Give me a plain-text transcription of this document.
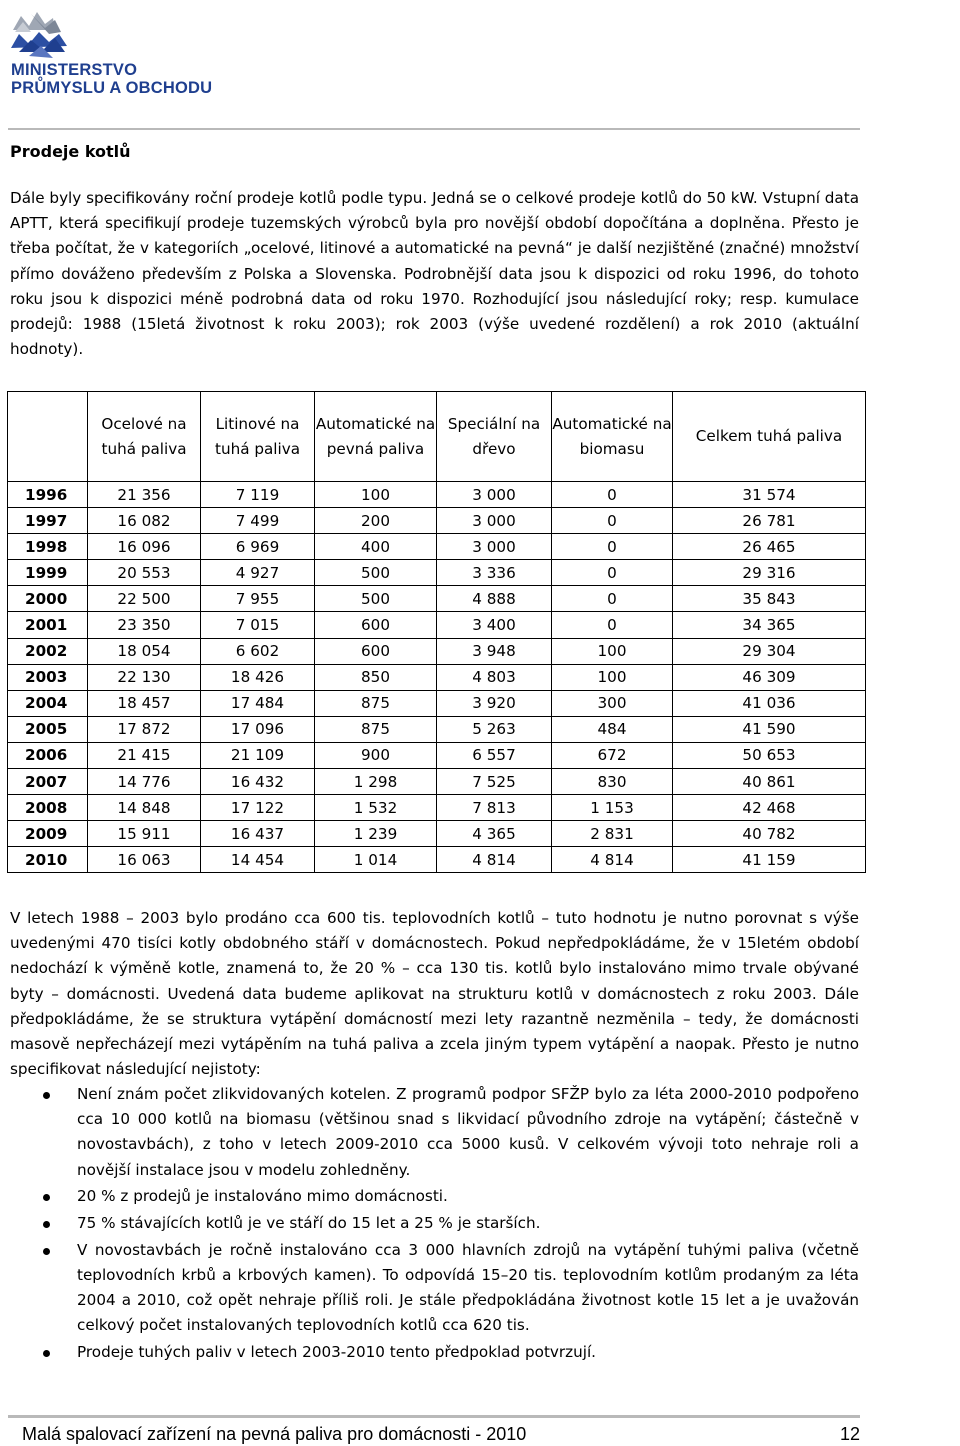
MINISTERSTVO
PRŮMYSLU A OBCHODU
Prodeje kotlů

Dále byly specifikovány roční prodeje kotlů podle typu. Jedná se o celkové prodeje kotlů do 50 kW. Vstupní data APTT, která specifikují prodeje tuzemských výrobců byla pro novější období dopočítána a doplněna. Přesto je třeba počítat, že v kategoriích „ocelové, litinové a automatické na pevná“ je další nezjištěné (značné) množství přímo dováženo především z Polska a Slovenska. Podrobnější data jsou k dispozici od roku 1996, do tohoto roku jsou k dispozici méně podrobná data od roku 1970. Rozhodující jsou následující roky; resp. kumulace prodejů: 1988 (15letá životnost k roku 2003); rok 2003 (výše uvedené rozdělení) a rok 2010 (aktuální hodnoty).

	Ocelové na tuhá paliva	Litinové na tuhá paliva	Automatické na pevná paliva	Speciální na dřevo	Automatické na biomasu	Celkem tuhá paliva
1996	21 356	7 119	100	3 000	0	31 574
1997	16 082	7 499	200	3 000	0	26 781
1998	16 096	6 969	400	3 000	0	26 465
1999	20 553	4 927	500	3 336	0	29 316
2000	22 500	7 955	500	4 888	0	35 843
2001	23 350	7 015	600	3 400	0	34 365
2002	18 054	6 602	600	3 948	100	29 304
2003	22 130	18 426	850	4 803	100	46 309
2004	18 457	17 484	875	3 920	300	41 036
2005	17 872	17 096	875	5 263	484	41 590
2006	21 415	21 109	900	6 557	672	50 653
2007	14 776	16 432	1 298	7 525	830	40 861
2008	14 848	17 122	1 532	7 813	1 153	42 468
2009	15 911	16 437	1 239	4 365	2 831	40 782
2010	16 063	14 454	1 014	4 814	4 814	41 159

V letech 1988 – 2003 bylo prodáno cca 600 tis. teplovodních kotlů – tuto hodnotu je nutno porovnat s výše uvedenými 470 tisíci kotly obdobného stáří v domácnostech. Pokud nepředpokládáme, že v 15letém období nedochází k výměně kotle, znamená to, že 20 % – cca 130 tis. kotlů bylo instalováno mimo trvale obývané byty – domácnosti. Uvedená data budeme aplikovat na strukturu kotlů v domácnostech z roku 2003. Dále předpokládáme, že se struktura vytápění domácností mezi lety razantně nezměnila – tedy, že domácnosti masově nepřecházejí mezi vytápěním na tuhá paliva a zcela jiným typem vytápění a naopak. Přesto je nutno specifikovat následující nejistoty:

Není znám počet zlikvidovaných kotelen. Z programů podpor SFŽP bylo za léta 2000-2010 podpořeno cca 10 000 kotlů na biomasu (většinou snad s likvidací původního zdroje na vytápění; částečně v novostavbách), z toho v letech 2009-2010 cca 5000 kusů. V celkovém vývoji toto nehraje roli a novější instalace jsou v modelu zohledněny.
20 % z prodejů je instalováno mimo domácnosti.
75 % stávajících kotlů je ve stáří do 15 let a 25 % je starších.
V novostavbách je ročně instalováno cca 3 000 hlavních zdrojů na vytápění tuhými paliva (včetně teplovodních krbů a krbových kamen). To odpovídá 15–20 tis. teplovodním kotlům prodaným za léta 2004 a 2010, což opět nehraje příliš roli. Je stále předpokládána životnost kotle 15 let a je uvažován celkový počet instalovaných teplovodních kotlů cca 620 tis.
Prodeje tuhých paliv v letech 2003-2010 tento předpoklad potvrzují.
Malá spalovací zařízení na pevná paliva pro domácnosti - 2010	12
